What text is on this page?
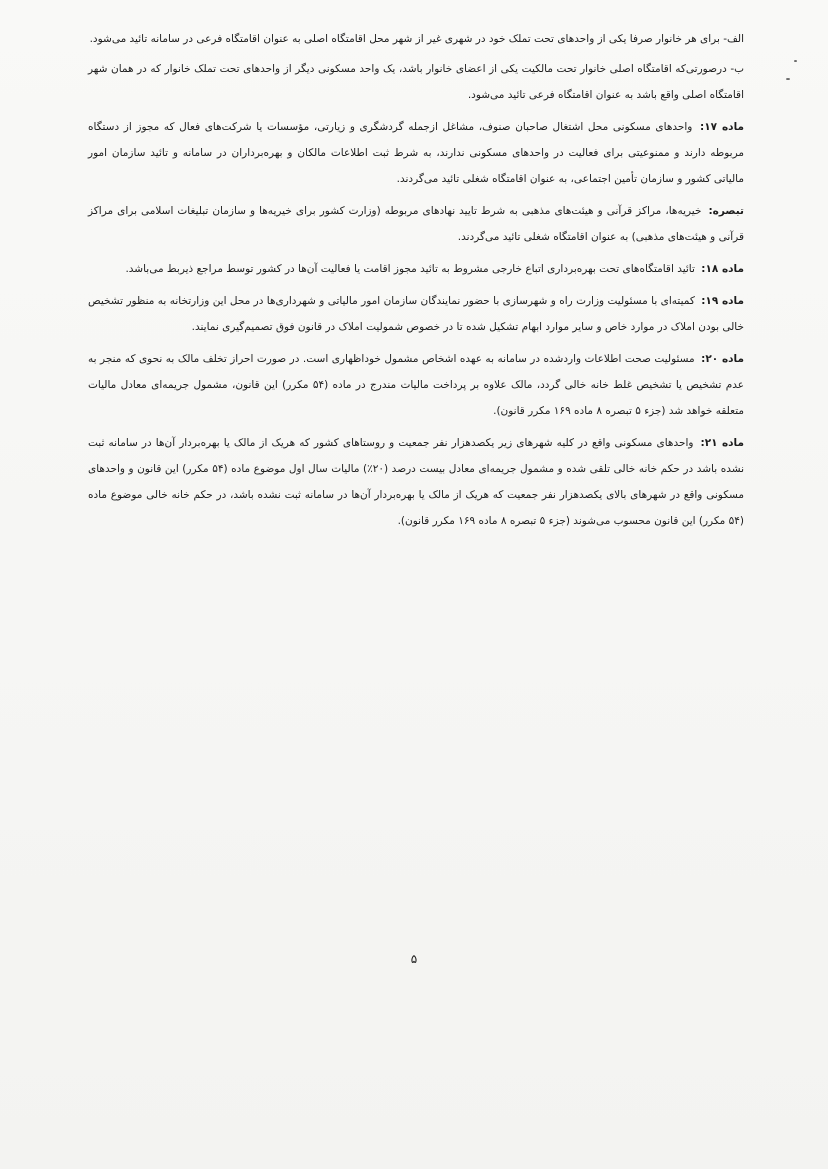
الف- برای هر خانوار صرفا یکی از واحدهای تحت تملک خود در شهری غیر از شهر محل اقامتگاه اصلی به عنوان اقامتگاه فرعی در سامانه تائید می‌شود.

ب- درصورتی‌که اقامتگاه اصلی خانوار تحت مالکیت یکی از اعضای خانوار باشد، یک واحد مسکونی دیگر از واحدهای تحت تملک خانوار که در همان شهر اقامتگاه اصلی واقع باشد به عنوان اقامتگاه فرعی تائید می‌شود.

ماده ۱۷: واحدهای مسکونی محل اشتغال صاحبان صنوف، مشاغل ازجمله گردشگری و زیارتی، مؤسسات یا شرکت‌های فعال که مجوز از دستگاه مربوطه دارند و ممنوعیتی برای فعالیت در واحدهای مسکونی ندارند، به شرط ثبت اطلاعات مالکان و بهره‌برداران در سامانه و تائید سازمان امور مالیاتی کشور و سازمان تأمین اجتماعی، به عنوان اقامتگاه شغلی تائید می‌گردند.

تبصره: خیریه‌ها، مراکز قرآنی و هیئت‌های مذهبی به شرط تایید نهادهای مربوطه (وزارت کشور برای خیریه‌ها و سازمان تبلیغات اسلامی برای مراکز قرآنی و هیئت‌های مذهبی) به عنوان اقامتگاه شغلی تائید می‌گردند.

ماده ۱۸: تائید اقامتگاه‌های تحت بهره‌برداری اتباع خارجی مشروط به تائید مجوز اقامت یا فعالیت آن‌ها در کشور توسط مراجع ذیربط می‌باشد.

ماده ۱۹: کمیته‌ای با مسئولیت وزارت راه و شهرسازی با حضور نمایندگان سازمان امور مالیاتی و شهرداری‌ها در محل این وزارتخانه به منظور تشخیص خالی بودن املاک در موارد خاص و سایر موارد ابهام تشکیل شده تا در خصوص شمولیت املاک در قانون فوق تصمیم‌گیری نمایند.

ماده ۲۰: مسئولیت صحت اطلاعات واردشده در سامانه به عهده اشخاص مشمول خوداظهاری است. در صورت احراز تخلف مالک به نحوی که منجر به عدم تشخیص یا تشخیص غلط خانه خالی گردد، مالک علاوه بر پرداخت مالیات مندرج در ماده (۵۴ مکرر) این قانون، مشمول جریمه‌ای معادل مالیات متعلقه خواهد شد (جزء ۵ تبصره ۸ ماده ۱۶۹ مکرر قانون).

ماده ۲۱: واحدهای مسکونی واقع در کلیه شهرهای زیر یکصدهزار نفر جمعیت و روستاهای کشور که هریک از مالک یا بهره‌بردار آن‌ها در سامانه ثبت نشده باشد در حکم خانه خالی تلقی شده و مشمول جریمه‌ای معادل بیست درصد (۲۰٪) مالیات سال اول موضوع ماده (۵۴ مکرر) این قانون و واحدهای مسکونی واقع در شهرهای بالای یکصدهزار نفر جمعیت که هریک از مالک یا بهره‌بردار آن‌ها در سامانه ثبت نشده باشد، در حکم خانه خالی موضوع ماده (۵۴ مکرر) این قانون محسوب می‌شوند (جزء ۵ تبصره ۸ ماده ۱۶۹ مکرر قانون).

۵
